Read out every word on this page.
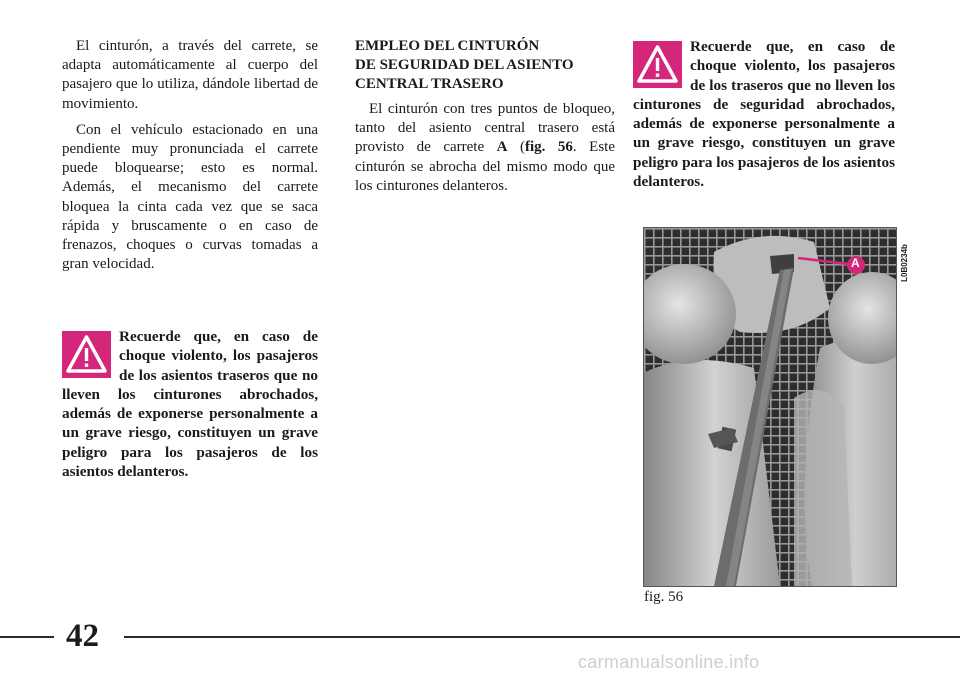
El cinturón, a través del carrete, se adapta automáticamente al cuerpo del pasajero que lo utiliza, dándole libertad de movimiento.

Con el vehículo estacionado en una pendiente muy pronunciada el carrete puede bloquearse; esto es normal. Además, el mecanismo del carrete bloquea la cinta cada vez que se saca rápida y bruscamente o en caso de frenazos, choques o curvas tomadas a gran velocidad.

Recuerde que, en caso de choque violento, los pasajeros de los asientos traseros que no lleven los cinturones abrochados, además de exponerse personalmente a un grave riesgo, constituyen un grave peligro para los pasajeros de los asientos delanteros.
EMPLEO DEL CINTURÓN
DE SEGURIDAD DEL ASIENTO
CENTRAL TRASERO

El cinturón con tres puntos de bloqueo, tanto del asiento central trasero está provisto de carrete A (fig. 56. Este cinturón se abrocha del mismo modo que los cinturones delanteros.

Recuerde que, en caso de choque violento, los pasajeros de los traseros que no lleven los cinturones de seguridad abrochados, además de exponerse personalmente a un grave riesgo, constituyen un grave peligro para los pasajeros de los asientos delanteros.
A	L0B0234b
fig. 56
42
carmanualsonline.info
